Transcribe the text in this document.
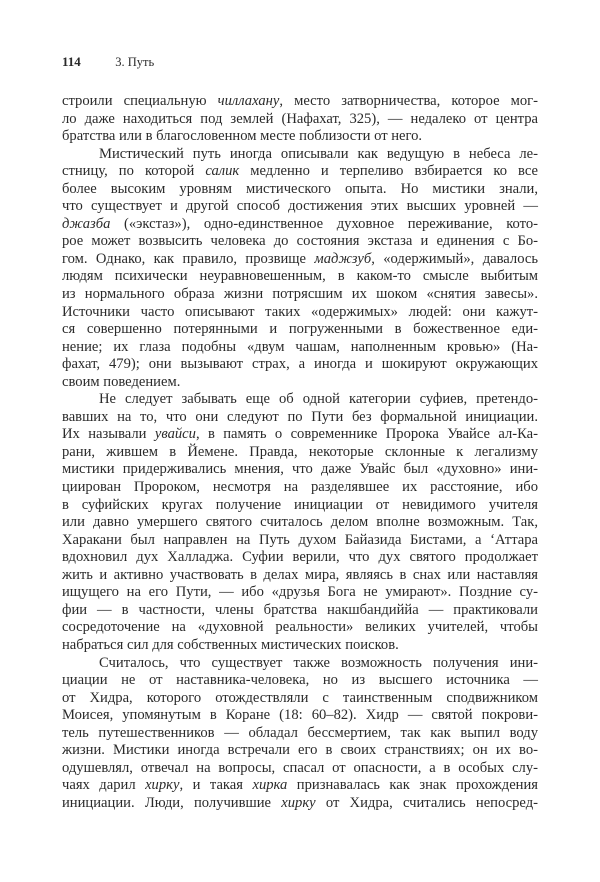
114	3. Путь
строили специальную чиллахану, место затворничества, которое мог-
ло даже находиться под землей (Нафахат, 325), — недалеко от центра
братства или в благословенном месте поблизости от него.
Мистический путь иногда описывали как ведущую в небеса ле-
стницу, по которой салик медленно и терпеливо взбирается ко все
более высоким уровням мистического опыта. Но мистики знали,
что существует и другой способ достижения этих высших уровней —
джазба («экстаз»), одно-единственное духовное переживание, кото-
рое может возвысить человека до состояния экстаза и единения с Бо-
гом. Однако, как правило, прозвище маджзуб, «одержимый», давалось
людям психически неуравновешенным, в каком-то смысле выбитым
из нормального образа жизни потрясшим их шоком «снятия завесы».
Источники часто описывают таких «одержимых» людей: они кажут-
ся совершенно потерянными и погруженными в божественное еди-
нение; их глаза подобны «двум чашам, наполненным кровью» (На-
фахат, 479); они вызывают страх, а иногда и шокируют окружающих
своим поведением.
Не следует забывать еще об одной категории суфиев, претендо-
вавших на то, что они следуют по Пути без формальной инициации.
Их называли увайси, в память о современнике Пророка Увайсе ал-Ка-
рани, жившем в Йемене. Правда, некоторые склонные к легализму
мистики придерживались мнения, что даже Увайс был «духовно» ини-
циирован Пророком, несмотря на разделявшее их расстояние, ибо
в суфийских кругах получение инициации от невидимого учителя
или давно умершего святого считалось делом вполне возможным. Так,
Харакани был направлен на Путь духом Байазида Бистами, а ‘Аттара
вдохновил дух Халладжа. Суфии верили, что дух святого продолжает
жить и активно участвовать в делах мира, являясь в снах или наставляя
ищущего на его Пути, — ибо «друзья Бога не умирают». Поздние су-
фии — в частности, члены братства накшбандиййа — практиковали
сосредоточение на «духовной реальности» великих учителей, чтобы
набраться сил для собственных мистических поисков.
Считалось, что существует также возможность получения ини-
циации не от наставника-человека, но из высшего источника —
от Хидра, которого отождествляли с таинственным сподвижником
Моисея, упомянутым в Коране (18: 60–82). Хидр — святой покрови-
тель путешественников — обладал бессмертием, так как выпил воду
жизни. Мистики иногда встречали его в своих странствиях; он их во-
одушевлял, отвечал на вопросы, спасал от опасности, а в особых слу-
чаях дарил хирку, и такая хирка признавалась как знак прохождения
инициации. Люди, получившие хирку от Хидра, считались непосред-
